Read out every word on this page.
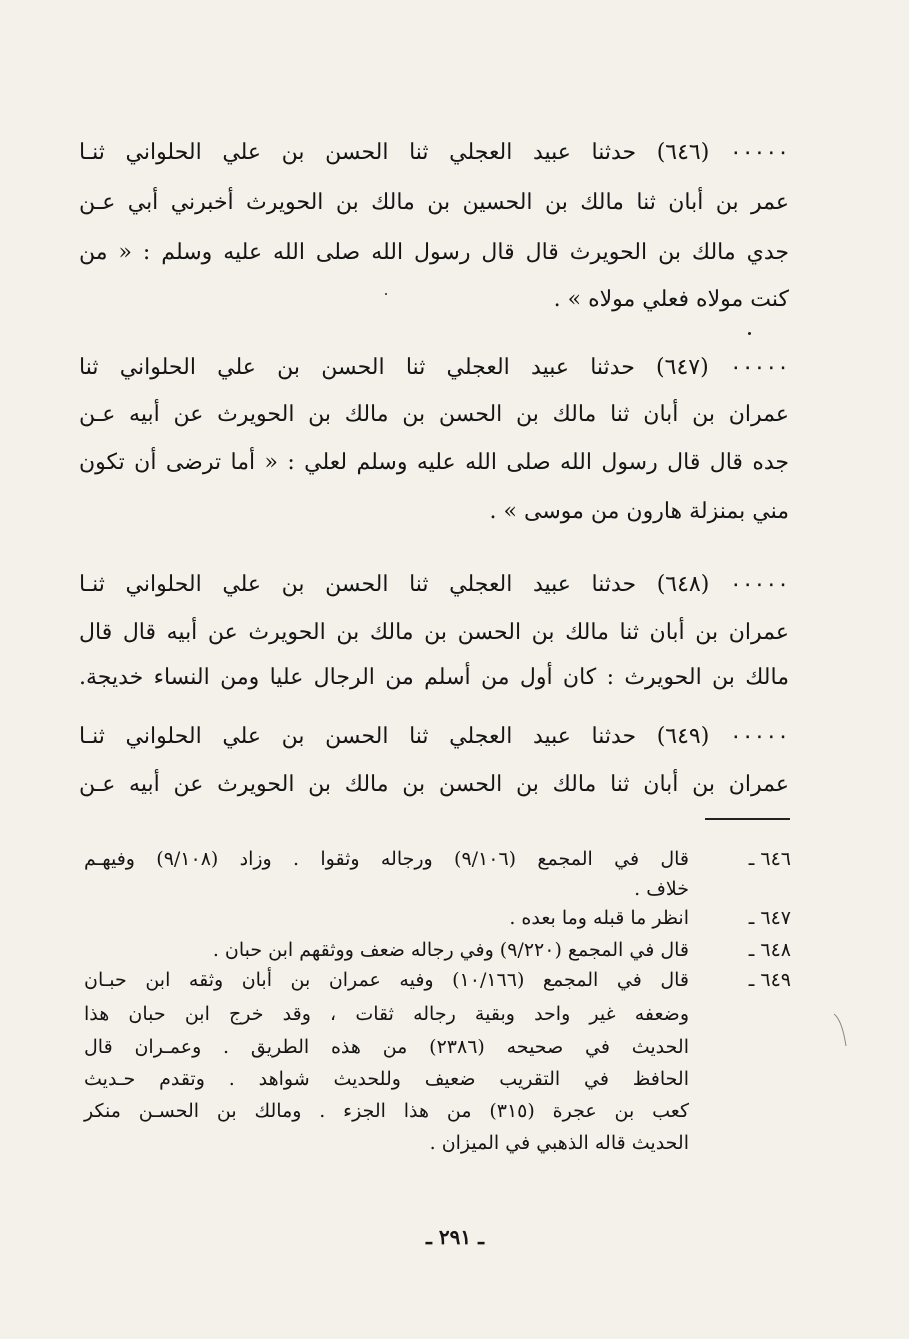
٠٠٠٠٠ (٦٤٦) حدثنا عبيد العجلي ثنا الحسن بن علي الحلواني ثنـا
عمر بن أبان ثنا مالك بن الحسين بن مالك بن الحويرث أخبرني أبي عـن
جدي مالك بن الحويرث قال قال رسول الله صلى الله عليه وسلم : « من
كنت مولاه فعلي مولاه » .
٠٠٠٠٠ (٦٤٧) حدثنا عبيد العجلي ثنا الحسن بن علي الحلواني ثنا
عمران بن أبان ثنا مالك بن الحسن بن مالك بن الحويرث عن أبيه عـن
جده قال قال رسول الله صلى الله عليه وسلم لعلي : « أما ترضى أن تكون
مني بمنزلة هارون من موسى » .
٠٠٠٠٠ (٦٤٨) حدثنا عبيد العجلي ثنا الحسن بن علي الحلواني ثنـا
عمران بن أبان ثنا مالك بن الحسن بن مالك بن الحويرث عن أبيه قال قال
مالك بن الحويرث : كان أول من أسلم من الرجال عليا ومن النساء خديجة.
٠٠٠٠٠ (٦٤٩) حدثنا عبيد العجلي ثنا الحسن بن علي الحلواني ثنـا
عمران بن أبان ثنا مالك بن الحسن بن مالك بن الحويرث عن أبيه عـن
٦٤٦ ـ
قال في المجمع (٩/١٠٦) ورجاله وثقوا . وزاد (٩/١٠٨) وفيهـم
خلاف .
٦٤٧ ـ
انظر ما قبله وما بعده .
٦٤٨ ـ
قال في المجمع (٩/٢٢٠) وفي رجاله ضعف ووثقهم ابن حبان .
٦٤٩ ـ
قال في المجمع (١٠/١٦٦) وفيه عمران بن أبان وثقه ابن حبـان
وضعفه غير واحد وبقية رجاله ثقات ، وقد خرج ابن حبان هذا
الحديث في صحيحه (٢٣٨٦) من هذه الطريق . وعمـران قال
الحافظ في التقريب ضعيف وللحديث شواهد . وتقدم حـديث
كعب بن عجرة (٣١٥) من هذا الجزء . ومالك بن الحسـن منكر
الحديث قاله الذهبي في الميزان .
ـ ٢٩١ ـ
